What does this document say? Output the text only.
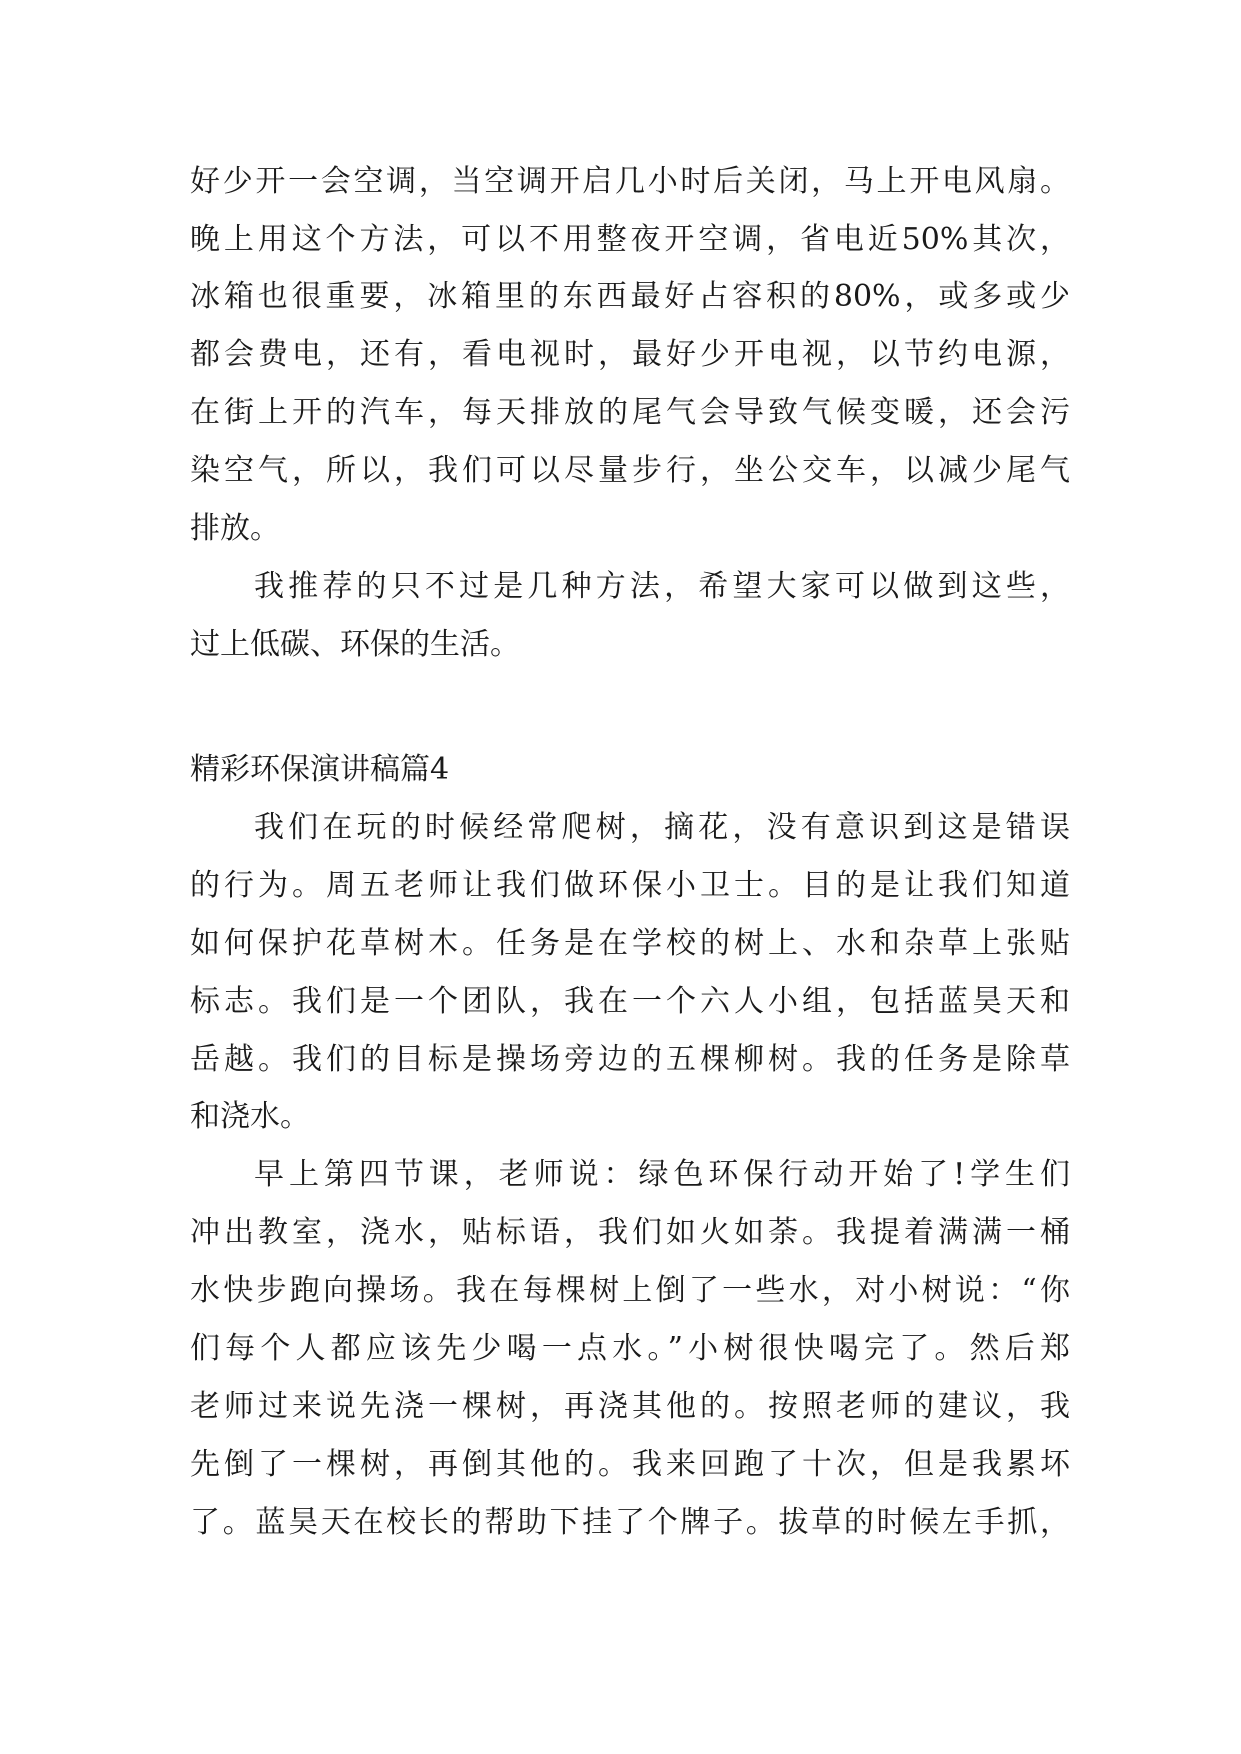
好少开一会空调，当空调开启几小时后关闭，马上开电风扇。
晚上用这个方法，可以不用整夜开空调，省电近50%其次，
冰箱也很重要，冰箱里的东西最好占容积的80%，或多或少
都会费电，还有，看电视时，最好少开电视，以节约电源，
在街上开的汽车，每天排放的尾气会导致气候变暖，还会污
染空气，所以，我们可以尽量步行，坐公交车，以减少尾气
排放。
我推荐的只不过是几种方法，希望大家可以做到这些，
过上低碳、环保的生活。
精彩环保演讲稿篇4
我们在玩的时候经常爬树，摘花，没有意识到这是错误
的行为。周五老师让我们做环保小卫士。目的是让我们知道
如何保护花草树木。任务是在学校的树上、水和杂草上张贴
标志。我们是一个团队，我在一个六人小组，包括蓝昊天和
岳越。我们的目标是操场旁边的五棵柳树。我的任务是除草
和浇水。
早上第四节课，老师说：绿色环保行动开始了!学生们
冲出教室，浇水，贴标语，我们如火如荼。我提着满满一桶
水快步跑向操场。我在每棵树上倒了一些水，对小树说：“你
们每个人都应该先少喝一点水。”小树很快喝完了。然后郑
老师过来说先浇一棵树，再浇其他的。按照老师的建议，我
先倒了一棵树，再倒其他的。我来回跑了十次，但是我累坏
了。蓝昊天在校长的帮助下挂了个牌子。拔草的时候左手抓，
